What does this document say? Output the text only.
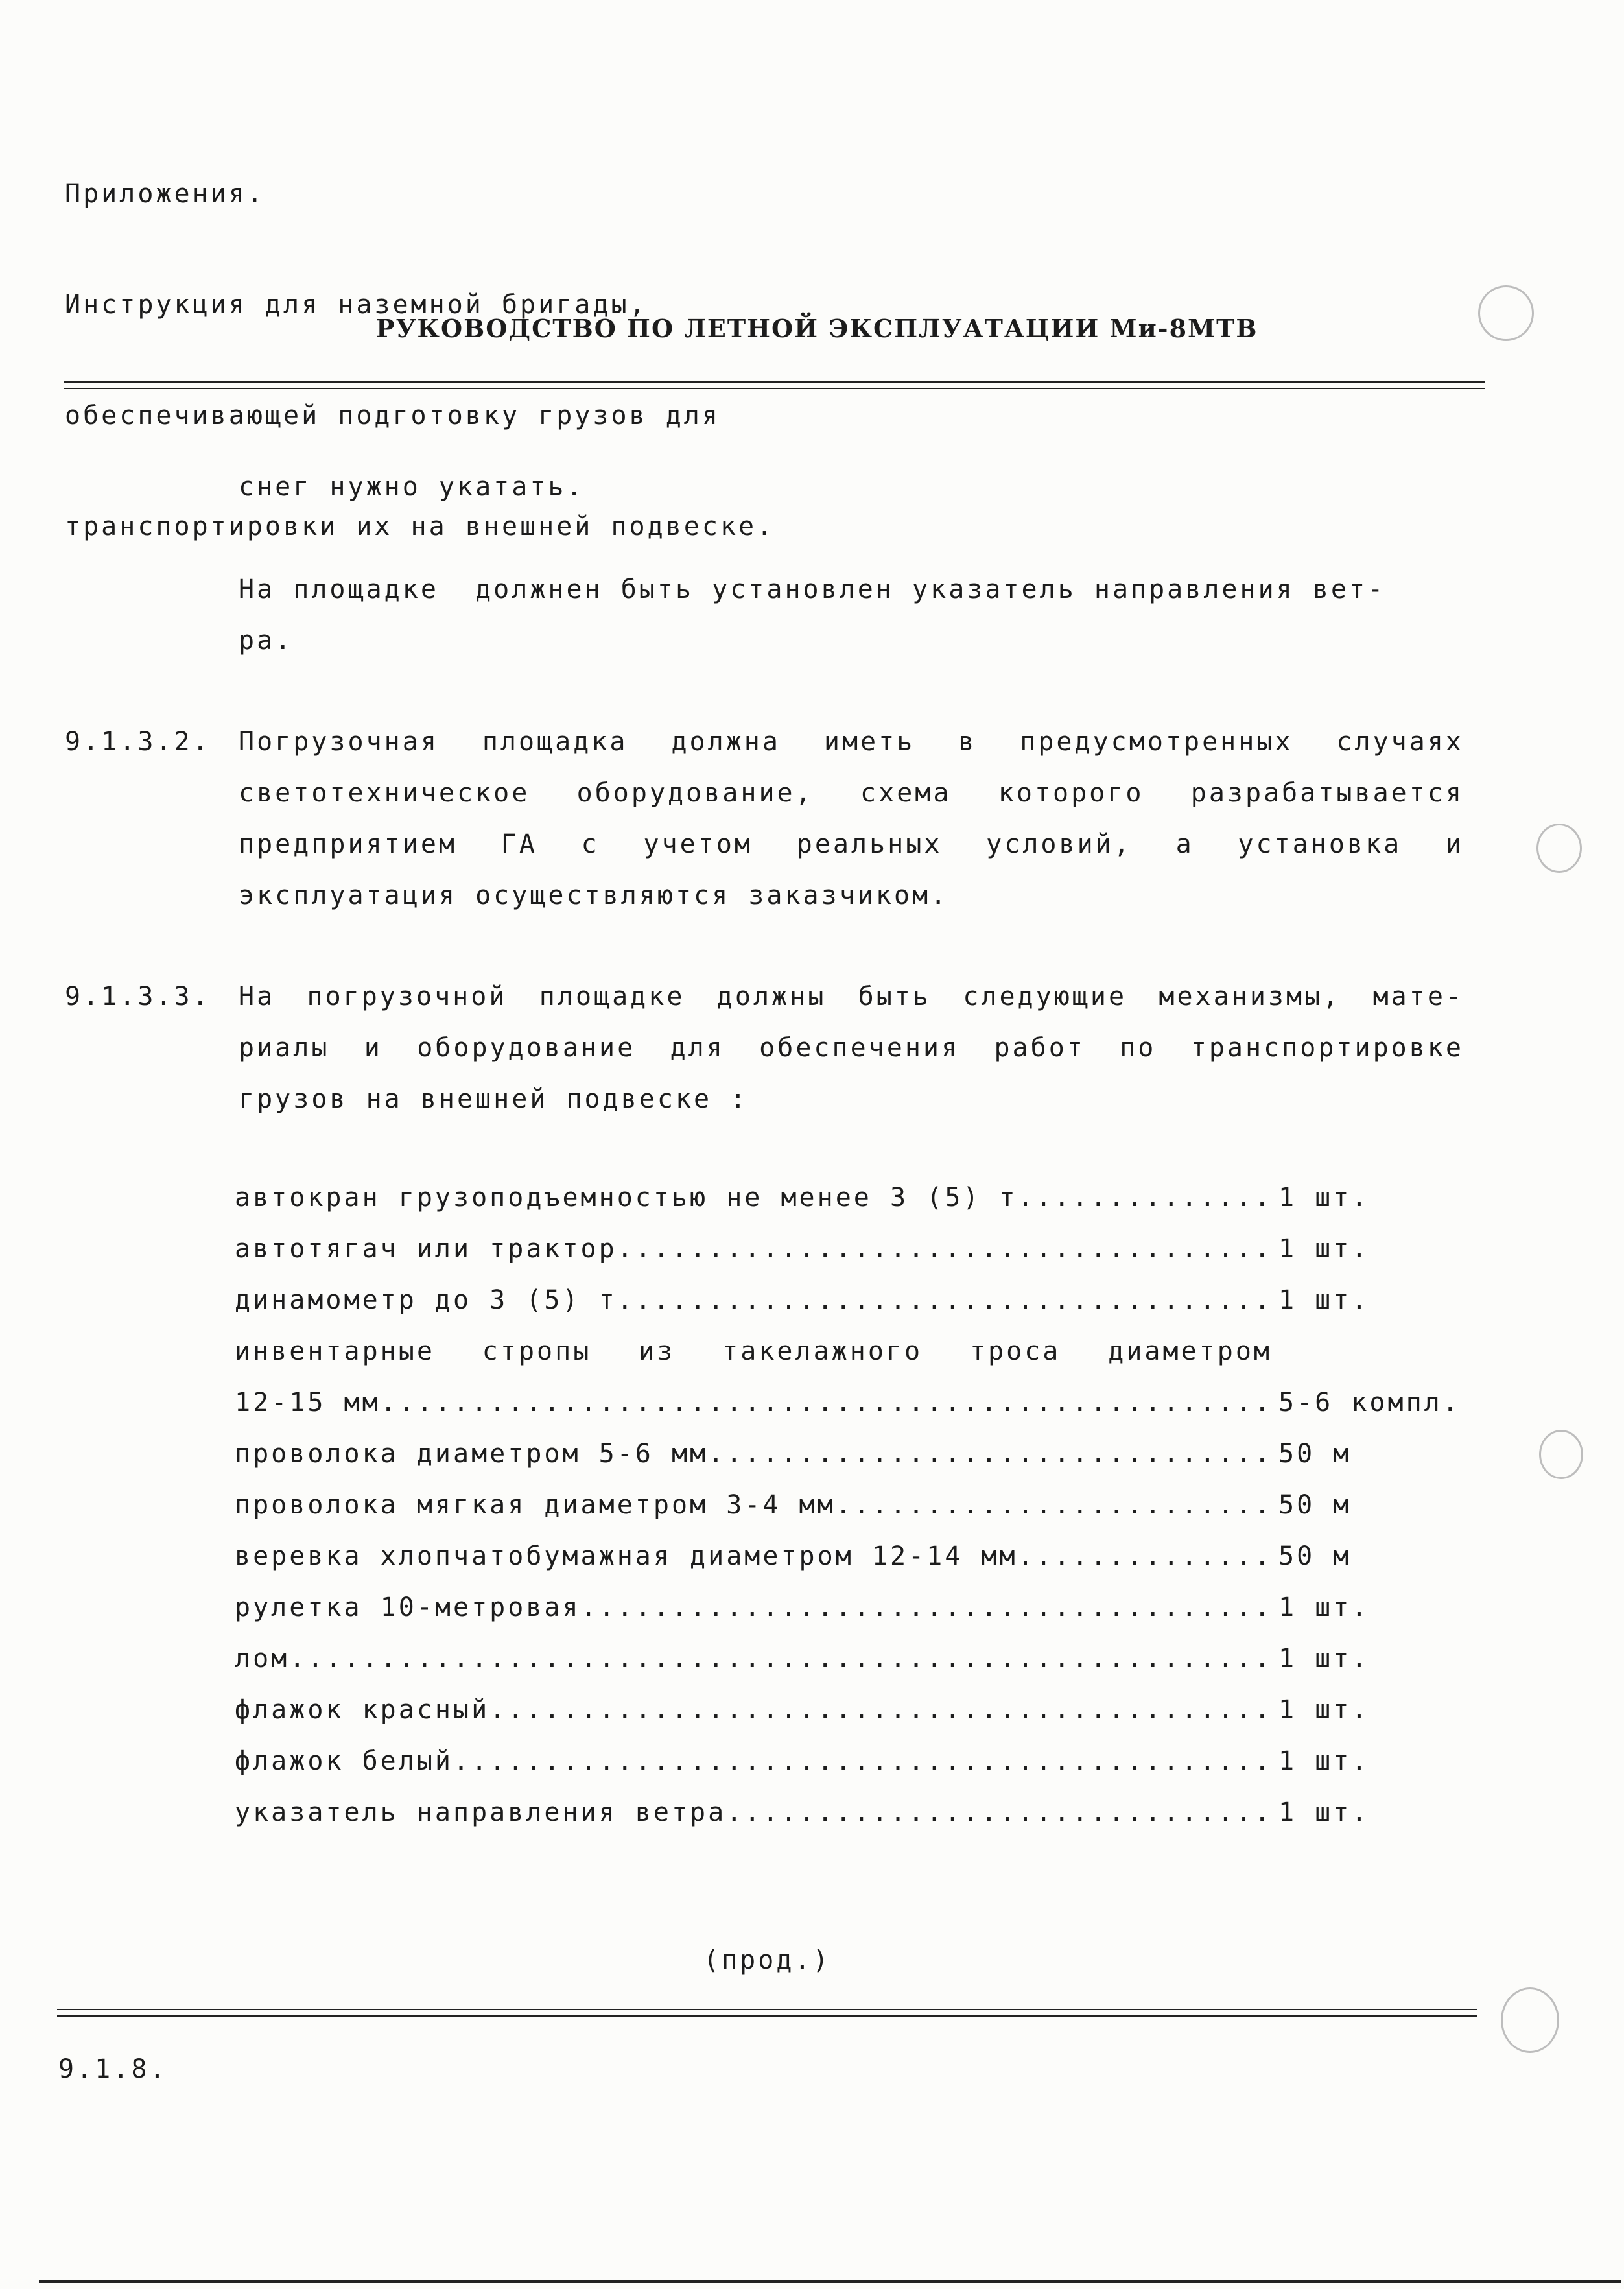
Приложения.

Инструкция для наземной бригады,

обеспечивающей подготовку грузов для

транспортировки их на внешней подвеске.

РУКОВОДСТВО ПО ЛЕТНОЙ ЭКСПЛУАТАЦИИ Ми-8МТВ
снег нужно укатать.
На площадке  должнен быть установлен указатель направления вет-
ра.
9.1.3.2. Погрузочная площадка должна иметь в предусмотренных случаях
светотехническое оборудование, схема которого разрабатывается
предприятием ГА с учетом реальных условий, а установка и
эксплуатация осуществляются заказчиком.
9.1.3.3. На погрузочной площадке должны быть следующие механизмы, мате-
риалы и оборудование для обеспечения работ по транспортировке
грузов на внешней подвеске :
автокран грузоподъемностью не менее 3 (5) т .....	1 шт.
автотягач или трактор .....	1 шт.
динамометр до 3 (5) т .....	1 шт.
инвентарные стропы из такелажного троса диаметром
12-15 мм .....	5-6 компл.
проволока диаметром 5-6 мм .....	50 м
проволока мягкая диаметром 3-4 мм .....	50 м
веревка хлопчатобумажная диаметром 12-14 мм .....	50 м
рулетка 10-метровая .....	1 шт.
лом .....	1 шт.
флажок красный .....	1 шт.
флажок белый .....	1 шт.
указатель направления ветра .....	1 шт.
(прод.)
9.1.8.
